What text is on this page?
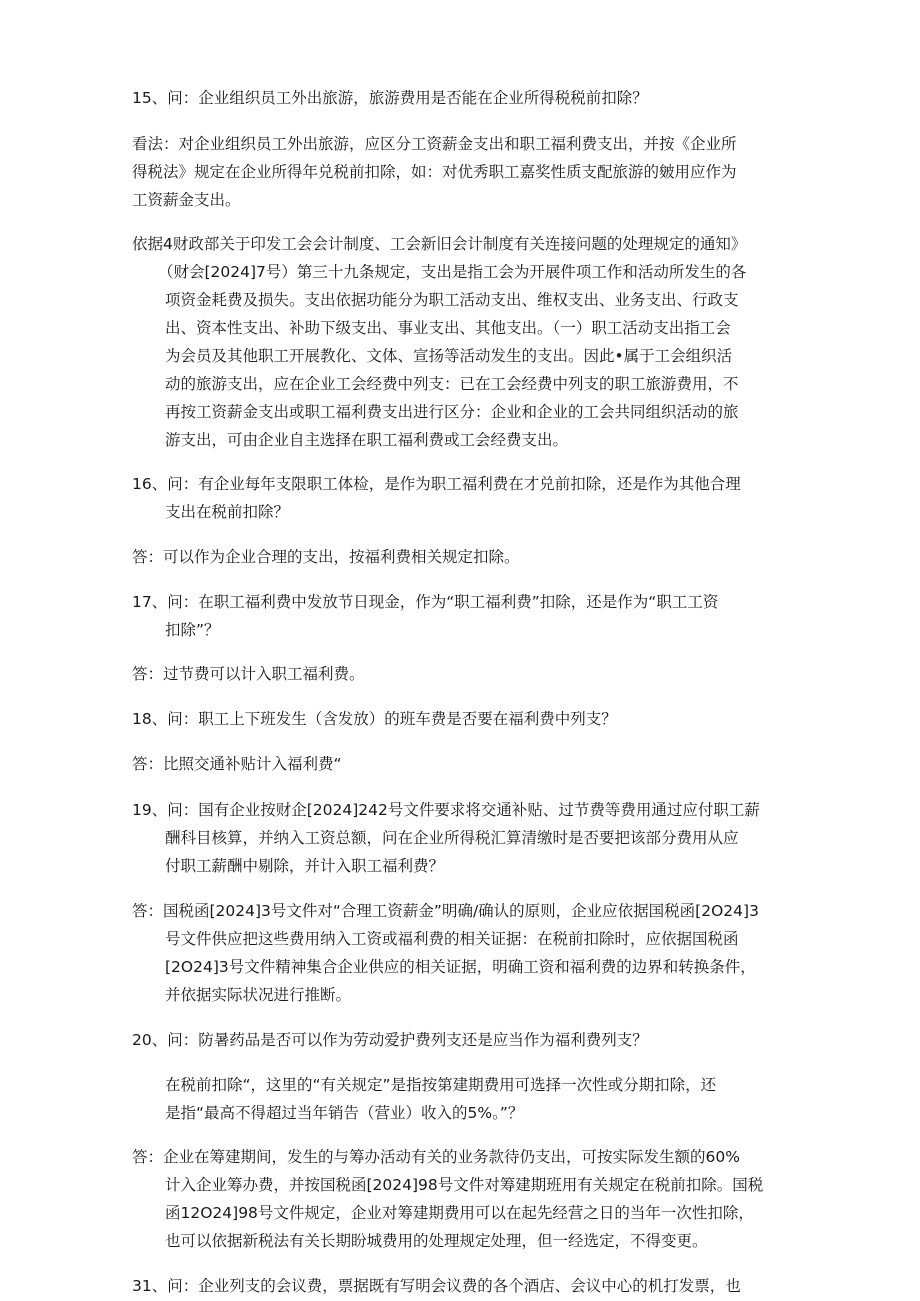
15、问：企业组织员工外出旅游，旅游费用是否能在企业所得税税前扣除？
看法：对企业组织员工外出旅游，应区分工资薪金支出和职工福利费支出，并按《企业所
得税法》规定在企业所得年兑税前扣除，如：对优秀职工嘉奖性质支配旅游的皴用应作为
工资薪金支出。
依据4财政部关于印发工会会计制度、工会新旧会计制度有关连接问题的处理规定的通知》
（财会[2024]7号）第三十九条规定，支出是指工会为开展件项工作和活动所发生的各
项资金耗费及损失。支出依据功能分为职工活动支出、维权支出、业务支出、行政支
出、资本性支出、补助下级支出、事业支出、其他支出。（一）职工活动支出指工会
为会员及其他职工开展教化、文体、宣扬等活动发生的支出。因此•属于工会组织活
动的旅游支出，应在企业工会经费中列支：已在工会经费中列支的职工旅游费用，不
再按工资薪金支出或职工福利费支出进行区分：企业和企业的工会共同组织活动的旅
游支出，可由企业自主选择在职工福利费或工会经费支出。
16、问：有企业每年支限职工体检，是作为职工福利费在才兑前扣除，还是作为其他合理
支出在税前扣除？
答：可以作为企业合理的支出，按福利费相关规定扣除。
17、问：在职工福利费中发放节日现金，作为“职工福利费”扣除，还是作为“职工工资
扣除”？
答：过节费可以计入职工福利费。
18、问：职工上下班发生（含发放）的班车费是否要在福利费中列支？
答：比照交通补贴计入福利费“
19、问：国有企业按财企[2024]242号文件要求将交通补贴、过节费等费用通过应付职工薪
酬科目核算，并纳入工资总额，问在企业所得税汇算清缴时是否要把该部分费用从应
付职工薪酬中剔除，并计入职工福利费？
答：国税函[2024]3号文件对“合理工资薪金”明确/确认的原则，企业应依据国税函[2O24]3
号文件供应把这些费用纳入工资或福利费的相关证据：在税前扣除时，应依据国税函
[2O24]3号文件精神集合企业供应的相关证据，明确工资和福利费的边界和转换条件，
并依据实际状况进行推断。
20、问：防暑药品是否可以作为劳动爱护费列支还是应当作为福利费列支？
在税前扣除“，这里的“有关规定”是指按第建期费用可选择一次性或分期扣除，还
是指“最高不得超过当年销告（营业）收入的5%。”？
答：企业在筹建期间，发生的与筹办活动有关的业务款待仍支出，可按实际发生额的60%
计入企业筹办费，并按国税函[2024]98号文件对筹建期班用有关规定在税前扣除。国税
函12O24]98号文件规定，企业对筹建期费用可以在起先经营之日的当年一次性扣除，
也可以依据新税法有关长期盼城费用的处理规定处理，但一经选定，不得变更。
31、问：企业列支的会议费，票据既有写明会议费的各个酒店、会议中心的机打发票，也
